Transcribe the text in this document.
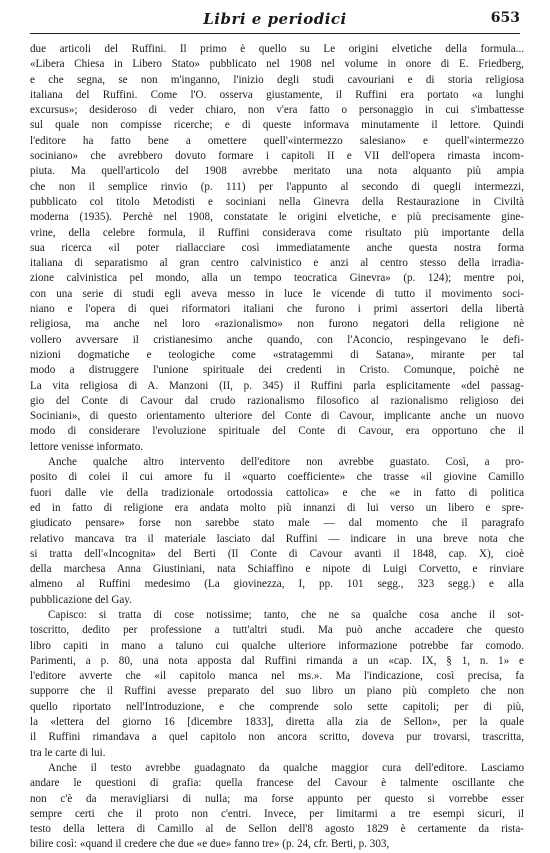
Libri e periodici	653
due articoli del Ruffini. Il primo è quello su Le origini elvetiche della formula...
«Libera Chiesa in Libero Stato» pubblicato nel 1908 nel volume in onore di E. Friedberg,
e che segna, se non m'inganno, l'inizio degli studi cavouriani e di storia religiosa
italiana del Ruffini. Come l'O. osserva giustamente, il Ruffini era portato «a lunghi
excursus»; desideroso di veder chiaro, non v'era fatto o personaggio in cui s'imbattesse
sul quale non compisse ricerche; e di queste informava minutamente il lettore. Quindi
l'editore ha fatto bene a omettere quell'«intermezzo salesiano» e quell'«intermezzo
sociniano» che avrebbero dovuto formare i capitoli II e VII dell'opera rimasta incom-
piuta. Ma quell'articolo del 1908 avrebbe meritato una nota alquanto più ampia
che non il semplice rinvio (p. 111) per l'appunto al secondo di quegli intermezzi,
pubblicato col titolo Metodisti e sociniani nella Ginevra della Restaurazione in Civiltà
moderna (1935). Perchè nel 1908, constatate le origini elvetiche, e più precisamente gine-
vrine, della celebre formula, il Ruffini considerava come risultato più importante della
sua ricerca «il poter riallacciare così immediatamente anche questa nostra forma
italiana di separatismo al gran centro calvinistico e anzi al centro stesso della irradia-
zione calvinistica pel mondo, alla un tempo teocratica Ginevra» (p. 124); mentre poi,
con una serie di studi egli aveva messo in luce le vicende di tutto il movimento soci-
niano e l'opera di quei riformatori italiani che furono i primi assertori della libertà
religiosa, ma anche nel loro «razionalismo» non furono negatori della religione nè
vollero avversare il cristianesimo anche quando, con l'Aconcio, respingevano le defi-
nizioni dogmatiche e teologiche come «stratagemmi di Satana», mirante per tal
modo a distruggere l'unione spirituale dei credenti in Cristo. Comunque, poichè ne
La vita religiosa di A. Manzoni (II, p. 345) il Ruffini parla esplicitamente «del passag-
gio del Conte di Cavour dal crudo razionalismo filosofico al razionalismo religioso dei
Sociniani», di questo orientamento ulteriore del Conte di Cavour, implicante anche un nuovo
modo di considerare l'evoluzione spirituale del Conte di Cavour, era opportuno che il
lettore venisse informato.
Anche qualche altro intervento dell'editore non avrebbe guastato. Così, a pro-
posito di colei il cui amore fu il «quarto coefficiente» che trasse «il giovine Camillo
fuori dalle vie della tradizionale ortodossia cattolica» e che «e in fatto di politica
ed in fatto di religione era andata molto più innanzi di lui verso un libero e spre-
giudicato pensare» forse non sarebbe stato male — dal momento che il paragrafo
relativo mancava tra il materiale lasciato dal Ruffini — indicare in una breve nota che
si tratta dell'«Incognita» del Berti (Il Conte di Cavour avanti il 1848, cap. X), cioè
della marchesa Anna Giustiniani, nata Schiaffino e nipote di Luigi Corvetto, e rinviare
almeno al Ruffini medesimo (La giovinezza, I, pp. 101 segg., 323 segg.) e alla
pubblicazione del Gay.
Capisco: si tratta di cose notissime; tanto, che ne sa qualche cosa anche il sot-
toscritto, dedito per professione a tutt'altri studi. Ma può anche accadere che questo
libro capiti in mano a taluno cui qualche ulteriore informazione potrebbe far comodo.
Parimenti, a p. 80, una nota apposta dal Ruffini rimanda a un «cap. IX, § 1, n. 1» e
l'editore avverte che «il capitolo manca nel ms.». Ma l'indicazione, così precisa, fa
supporre che il Ruffini avesse preparato del suo libro un piano più completo che non
quello riportato nell'Introduzione, e che comprende solo sette capitoli; per di più,
la «lettera del giorno 16 [dicembre 1833], diretta alla zia de Sellon», per la quale
il Ruffini rimandava a quel capitolo non ancora scritto, doveva pur trovarsi, trascritta,
tra le carte di lui.
Anche il testo avrebbe guadagnato da qualche maggior cura dell'editore. Lasciamo
andare le questioni di grafia: quella francese del Cavour è talmente oscillante che
non c'è da meravigliarsi di nulla; ma forse appunto per questo si vorrebbe esser
sempre certi che il proto non c'entri. Invece, per limitarmi a tre esempi sicuri, il
testo della lettera di Camillo al de Sellon dell'8 agosto 1829 è certamente da rista-
bilire così: «quand il credere che due «e due» fanno tre» (p. 24, cfr. Berti, p. 303,
